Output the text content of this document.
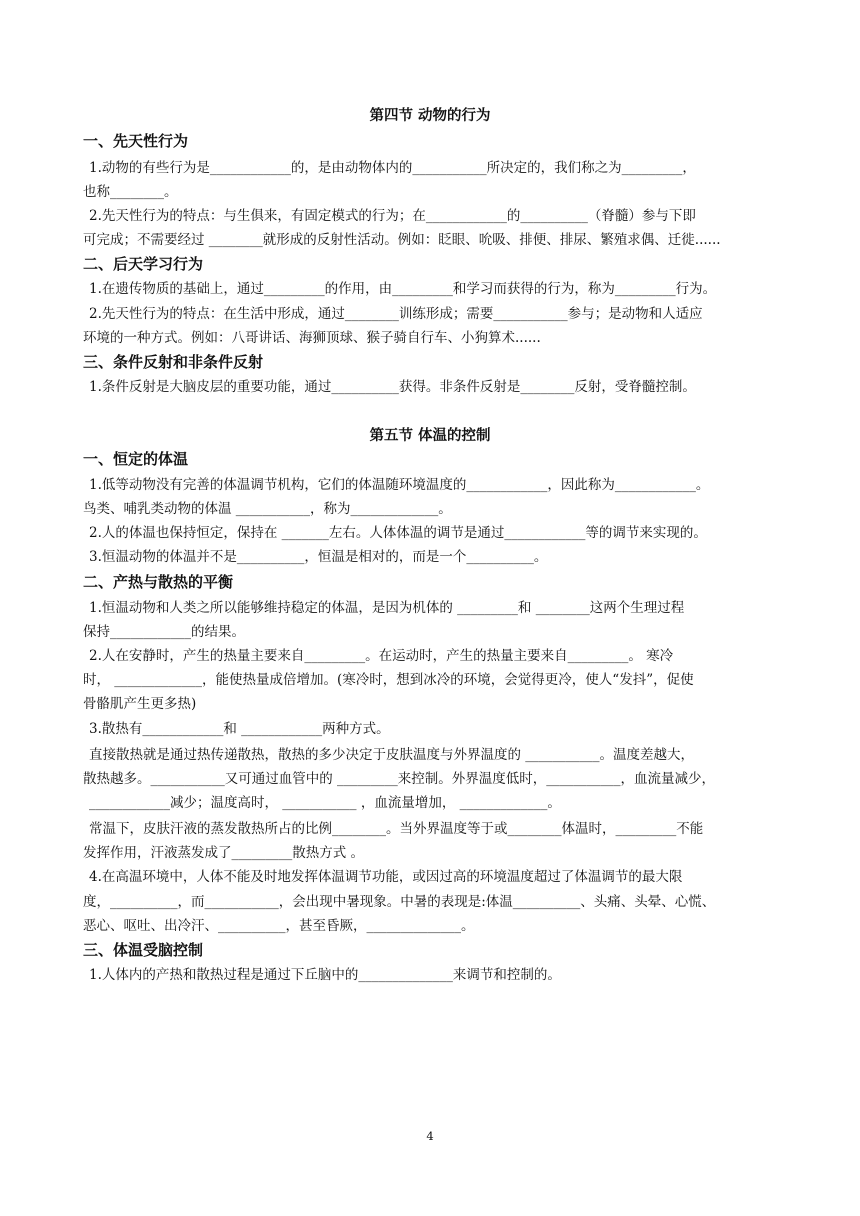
第四节 动物的行为
一、先天性行为
1.动物的有些行为是____________的，是由动物体内的___________所决定的，我们称之为_________，
也称________。
2.先天性行为的特点：与生俱来，有固定模式的行为；在____________的__________（脊髓）参与下即
可完成；不需要经过 ________就形成的反射性活动。例如：眨眼、吮吸、排便、排尿、繁殖求偶、迁徙......
二、后天学习行为
1.在遗传物质的基础上，通过_________的作用，由_________和学习而获得的行为，称为_________行为。
2.先天性行为的特点：在生活中形成，通过________训练形成；需要___________参与；是动物和人适应
环境的一种方式。例如：八哥讲话、海狮顶球、猴子骑自行车、小狗算术......
三、条件反射和非条件反射
1.条件反射是大脑皮层的重要功能，通过__________获得。非条件反射是________反射，受脊髓控制。
第五节 体温的控制
一、恒定的体温
1.低等动物没有完善的体温调节机构，它们的体温随环境温度的____________，因此称为____________。
鸟类、哺乳类动物的体温 ___________，称为_____________。
2.人的体温也保持恒定，保持在 _______左右。人体体温的调节是通过____________等的调节来实现的。
3.恒温动物的体温并不是__________，恒温是相对的，而是一个__________。
二、产热与散热的平衡
1.恒温动物和人类之所以能够维持稳定的体温，是因为机体的 _________和 ________这两个生理过程
保持____________的结果。
2.人在安静时，产生的热量主要来自_________。在运动时，产生的热量主要来自_________。 寒冷
时， _____________，能使热量成倍增加。(寒冷时，想到冰冷的环境，会觉得更冷，使人“发抖”，促使
骨骼肌产生更多热)
3.散热有____________和 ____________两种方式。
直接散热就是通过热传递散热，散热的多少决定于皮肤温度与外界温度的 ___________。温度差越大，
散热越多。___________又可通过血管中的 _________来控制。外界温度低时，___________，血流量减少，
____________减少；温度高时， ___________ ，血流量增加， _____________。
常温下，皮肤汗液的蒸发散热所占的比例________。当外界温度等于或________体温时，_________不能
发挥作用，汗液蒸发成了_________散热方式 。
4.在高温环境中，人体不能及时地发挥体温调节功能，或因过高的环境温度超过了体温调节的最大限
度，__________，而___________，会出现中暑现象。中暑的表现是:体温__________、头痛、头晕、心慌、
恶心、呕吐、出冷汗、__________，甚至昏厥，______________。
三、体温受脑控制
1.人体内的产热和散热过程是通过下丘脑中的______________来调节和控制的。
4
